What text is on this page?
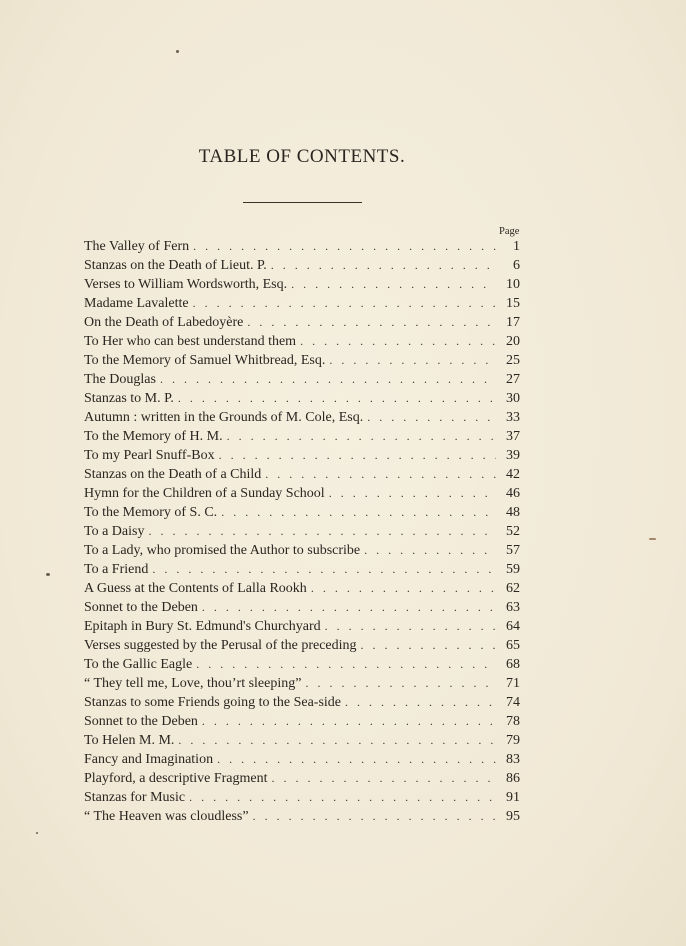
TABLE OF CONTENTS.
Page
The Valley of Fern . . .	1
Stanzas on the Death of Lieut. P. . . .	6
Verses to William Wordsworth, Esq. . . .	10
Madame Lavalette . . .	15
On the Death of Labedoyère . . .	17
To Her who can best understand them . . .	20
To the Memory of Samuel Whitbread, Esq. . . .	25
The Douglas . . .	27
Stanzas to M. P. . . .	30
Autumn : written in the Grounds of M. Cole, Esq. . . .	33
To the Memory of H. M. . . .	37
To my Pearl Snuff-Box . . .	39
Stanzas on the Death of a Child . . .	42
Hymn for the Children of a Sunday School . . .	46
To the Memory of S. C. . . .	48
To a Daisy . . .	52
To a Lady, who promised the Author to subscribe . . .	57
To a Friend . . .	59
A Guess at the Contents of Lalla Rookh . . .	62
Sonnet to the Deben . . .	63
Epitaph in Bury St. Edmund's Churchyard . . .	64
Verses suggested by the Perusal of the preceding . . .	65
To the Gallic Eagle . . .	68
“ They tell me, Love, thou’rt sleeping” . . .	71
Stanzas to some Friends going to the Sea-side . . .	74
Sonnet to the Deben . . .	78
To Helen M. M. . . .	79
Fancy and Imagination . . .	83
Playford, a descriptive Fragment . . .	86
Stanzas for Music . . .	91
“ The Heaven was cloudless” . . .	95
